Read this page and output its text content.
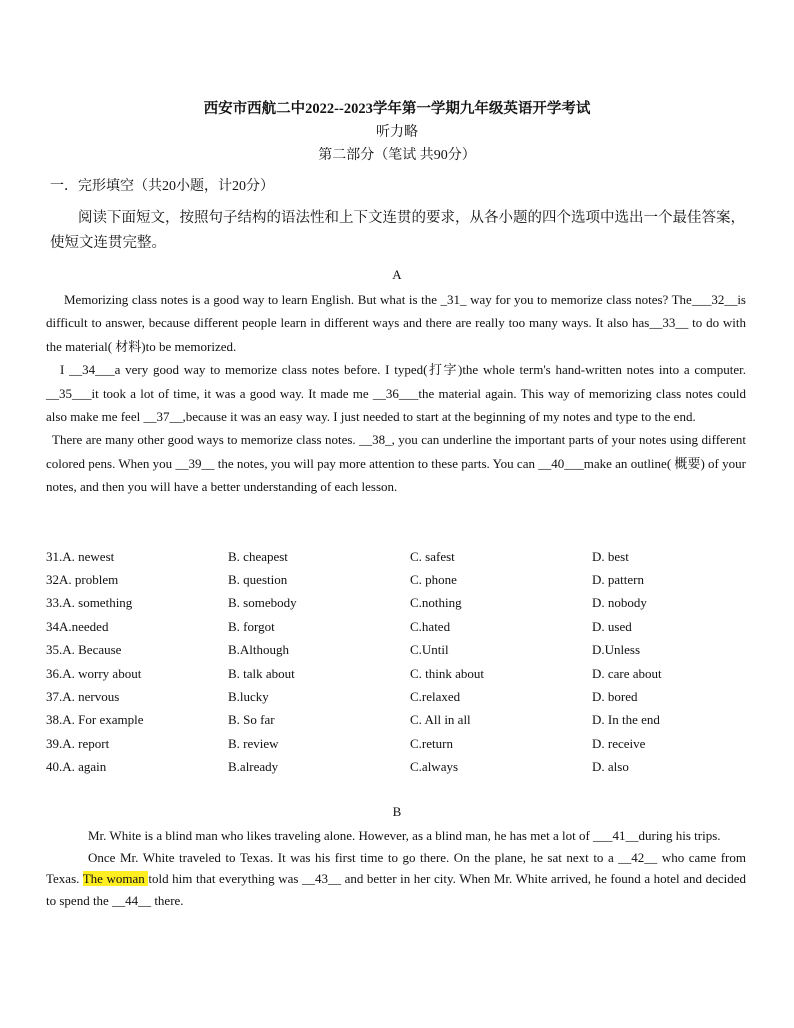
西安市西航二中2022--2023学年第一学期九年级英语开学考试
听力略
第二部分（笔试 共90分）
一．完形填空（共20小题，计20分）
阅读下面短文，按照句子结构的语法性和上下文连贯的要求，从各小题的四个选项中选出一个最佳答案，使短文连贯完整。
A

Memorizing class notes is a good way to learn English. But what is the _31_ way for you to memorize class notes? The___32__is difficult to answer, because different people learn in different ways and there are really too many ways. It also has__33__ to do with the material( 材料)to be memorized.

I __34___a very good way to memorize class notes before. I typed(打字)the whole term's hand-written notes into a computer. __35___it took a lot of time, it was a good way. It made me __36___the material again. This way of memorizing class notes could also make me feel __37__,because it was an easy way. I just needed to start at the beginning of my notes and type to the end.

There are many other good ways to memorize class notes. __38_, you can underline the important parts of your notes using different colored pens. When you __39__ the notes, you will pay more attention to these parts. You can __40___make an outline( 概要) of your notes, and then you will have a better understanding of each lesson.

31.A. newest	B. cheapest	C. safest	D. best
32A. problem	B. question	C. phone	D. pattern
33.A. something	B. somebody	C.nothing	D. nobody
34A.needed	B. forgot	C.hated	D. used
35.A. Because	B.Although	C.Until	D.Unless
36.A. worry about	B. talk about	C. think about	D. care about
37.A. nervous	B.lucky	C.relaxed	D. bored
38.A. For example	B. So far	C. All in all	D. In the end
39.A. report	B. review	C.return	D. receive
40.A. again	B.already	C.always	D. also
B

Mr. White is a blind man who likes traveling alone. However, as a blind man, he has met a lot of ___41__during his trips.

Once Mr. White traveled to Texas. It was his first time to go there. On the plane, he sat next to a __42__ who came from Texas. The woman told him that everything was __43__ and better in her city. When Mr. White arrived, he found a hotel and decided to spend the __44__ there.
